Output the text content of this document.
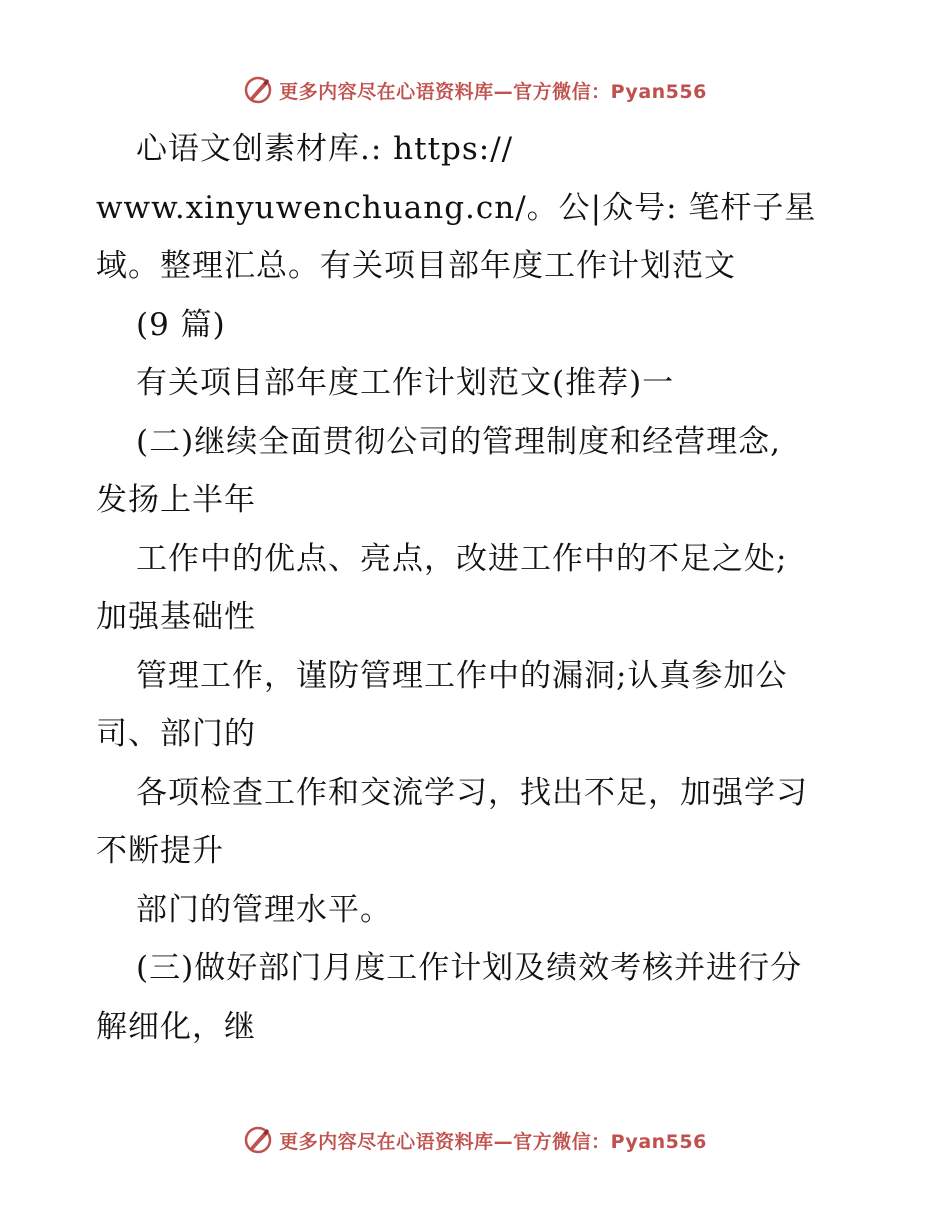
更多内容尽在心语资料库—官方微信：Pyan556
心语文创素材库.: https://
www.xinyuwenchuang.cn/。公|众号: 笔杆子星
域。整理汇总。有关项目部年度工作计划范文
(9 篇)
有关项目部年度工作计划范文(推荐)一
(二)继续全面贯彻公司的管理制度和经营理念,
发扬上半年
工作中的优点、亮点，改进工作中的不足之处;
加强基础性
管理工作，谨防管理工作中的漏洞;认真参加公
司、部门的
各项检查工作和交流学习，找出不足，加强学习
不断提升
部门的管理水平。
(三)做好部门月度工作计划及绩效考核并进行分
解细化，继
更多内容尽在心语资料库—官方微信：Pyan556
